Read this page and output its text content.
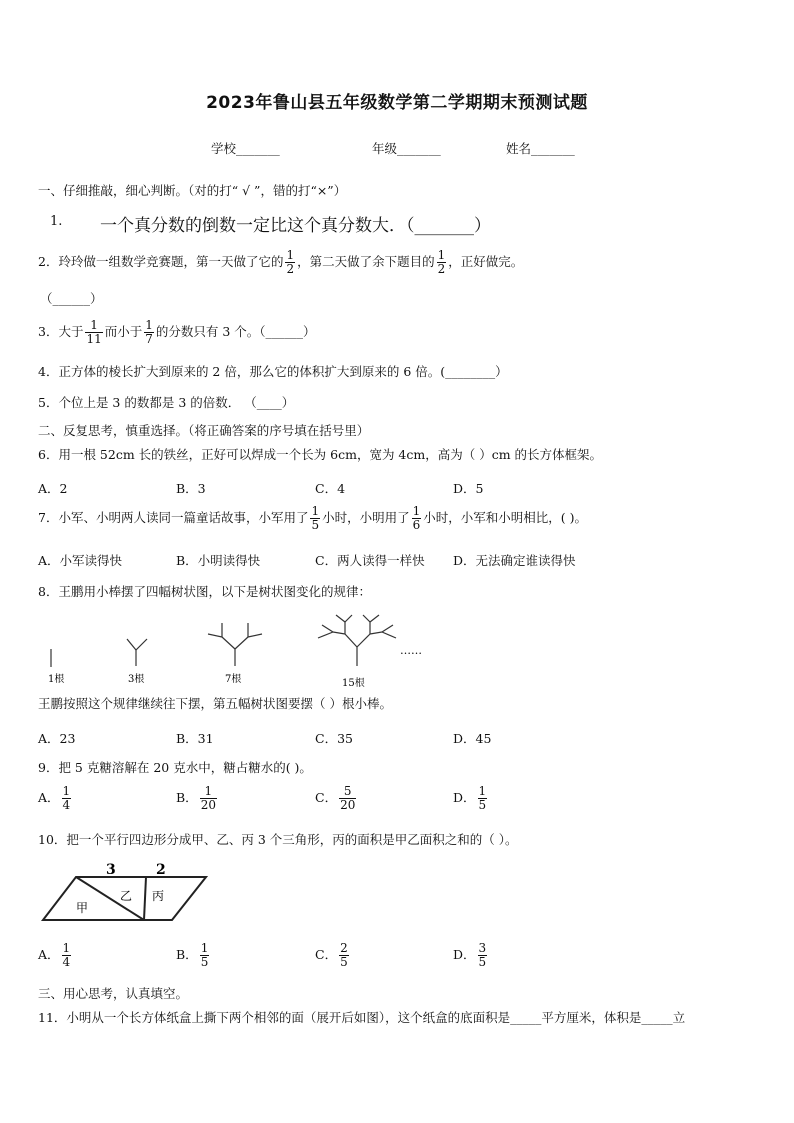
2023年鲁山县五年级数学第二学期期末预测试题
学校_______	年级_______	姓名_______
一、仔细推敲，细心判断。（对的打“ √ ”，错的打“×”）
1. 一个真分数的倒数一定比这个真分数大．（_______）
2．玲玲做一组数学竞赛题，第一天做了它的 $\frac{1}{2}$ ，第二天做了余下题目的 $\frac{1}{2}$ ，正好做完。
（______）
3．大于 $\frac{1}{11}$ 而小于 $\frac{1}{7}$ 的分数只有 3 个。（______）
4．正方体的棱长扩大到原来的 2 倍，那么它的体积扩大到原来的 6 倍。(________）
5．个位上是 3 的数都是 3 的倍数． （____）
二、反复思考，慎重选择。（将正确答案的序号填在括号里）
6．用一根 52cm 长的铁丝，正好可以焊成一个长为 6cm，宽为 4cm，高为（ ）cm 的长方体框架。
A．2	B．3	C．4	D．5
7．小军、小明两人读同一篇童话故事，小军用了 $\frac{1}{5}$ 小时，小明用了 $\frac{1}{6}$ 小时，小军和小明相比，( )。
A．小军读得快	B．小明读得快	C．两人读得一样快 D．无法确定谁读得快
8．王鹏用小棒摆了四幅树状图，以下是树状图变化的规律：
1根	3根	7根	15根
……
王鹏按照这个规律继续往下摆，第五幅树状图要摆（ ）根小棒。
A．23	B．31	C．35	D．45
9．把 5 克糖溶解在 20 克水中，糖占糖水的( )。
A． $\frac{1}{4}$	B． $\frac{1}{20}$	C． $\frac{5}{20}$	D． $\frac{1}{5}$
10．把一个平行四边形分成甲、乙、丙 3 个三角形，丙的面积是甲乙面积之和的（ ）。
3	2
甲
乙 丙
A． $\frac{1}{4}$	B． $\frac{1}{5}$	C． $\frac{2}{5}$	D． $\frac{3}{5}$
三、用心思考，认真填空。
11．小明从一个长方体纸盒上撕下两个相邻的面（展开后如图），这个纸盒的底面积是_____平方厘米，体积是_____立
